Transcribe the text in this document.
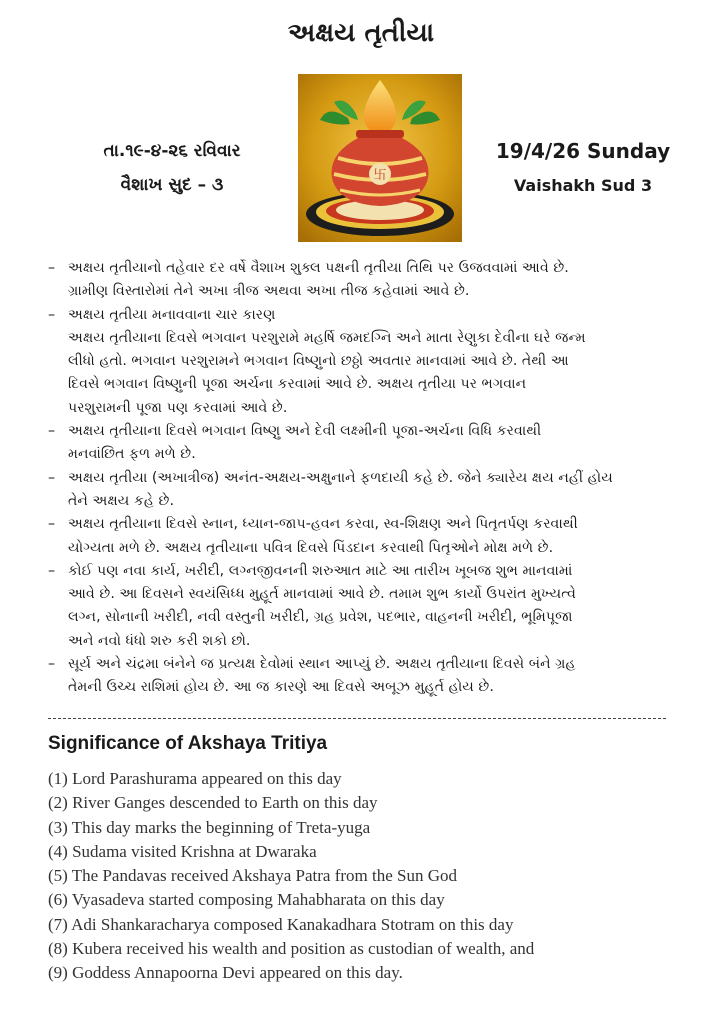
અક્ષય તૃતીયા
卐
તા.૧૯-૪-૨૬ રવિવાર
વૈશાખ સુદ – ૩
19/4/26 Sunday
Vaishakh Sud 3
– અક્ષય તૃતીયાનો તહેવાર દર વર્ષે વૈશાખ શુક્લ પક્ષની તૃતીયા તિથિ પર ઉજવવામાં આવે છે.

ગ્રામીણ વિસ્તારોમાં તેને અખા ત્રીજ અથવા અખા તીજ કહેવામાં આવે છે.

– અક્ષય તૃતીયા મનાવવાના ચાર કારણ

અક્ષય તૃતીયાના દિવસે ભગવાન પરશુરામે મહર્ષિ જમદગ્નિ અને માતા રેણુકા દેવીના ઘરે જન્મ

લીધો હતો. ભગવાન પરશુરામને ભગવાન વિષ્ણુનો છઠ્ઠો અવતાર માનવામાં આવે છે. તેથી આ

દિવસે ભગવાન વિષ્ણુની પૂજા અર્ચના કરવામાં આવે છે. અક્ષય તૃતીયા પર ભગવાન

પરશુરામની પૂજા પણ કરવામાં આવે છે.

– અક્ષય તૃતીયાના દિવસે ભગવાન વિષ્ણુ અને દેવી લક્ષ્મીની પૂજા-અર્ચના વિધિ કરવાથી

મનવાંછિત ફળ મળે છે.

– અક્ષય તૃતીયા (અખાત્રીજ) અનંત-અક્ષય-અક્ષુનાને ફળદાયી કહે છે. જેને ક્યારેય ક્ષય નહીં હોય

તેને અક્ષય કહે છે.

– અક્ષય તૃતીયાના દિવસે સ્નાન, ધ્યાન-જાપ-હવન કરવા, સ્વ-શિક્ષણ અને પિતૃતર્પણ કરવાથી

યોગ્યતા મળે છે. અક્ષય તૃતીયાના પવિત્ર દિવસે પિંડદાન કરવાથી પિતૃઓને મોક્ષ મળે છે.

– કોઈ પણ નવા કાર્ય, ખરીદી, લગ્નજીવનની શરુઆત માટે આ તારીખ ખૂબજ શુભ માનવામાં

આવે છે. આ દિવસને સ્વયંસિધ્ધ મુહૂર્ત માનવામાં આવે છે. તમામ શુભ કાર્યો ઉપરાંત મુખ્યત્વે

લગ્ન, સોનાની ખરીદી, નવી વસ્તુની ખરીદી, ગ્રહ પ્રવેશ, પદભાર, વાહનની ખરીદી, ભૂમિપૂજા

અને નવો ધંધો શરુ કરી શકો છો.

– સૂર્ય અને ચંદ્રમા બંનેને જ પ્રત્યક્ષ દેવોમાં સ્થાન આપ્યું છે. અક્ષય તૃતીયાના દિવસે બંને ગ્રહ

તેમની ઉચ્ચ રાશિમાં હોય છે. આ જ કારણે આ દિવસે અબૂઝ મુહૂર્ત હોય છે.

Significance of Akshaya Tritiya
(1) Lord Parashurama appeared on this day
(2) River Ganges descended to Earth on this day
(3) This day marks the beginning of Treta-yuga
(4) Sudama visited Krishna at Dwaraka
(5) The Pandavas received Akshaya Patra from the Sun God
(6) Vyasadeva started composing Mahabharata on this day
(7) Adi Shankaracharya composed Kanakadhara Stotram on this day
(8) Kubera received his wealth and position as custodian of wealth, and
(9) Goddess Annapoorna Devi appeared on this day.
